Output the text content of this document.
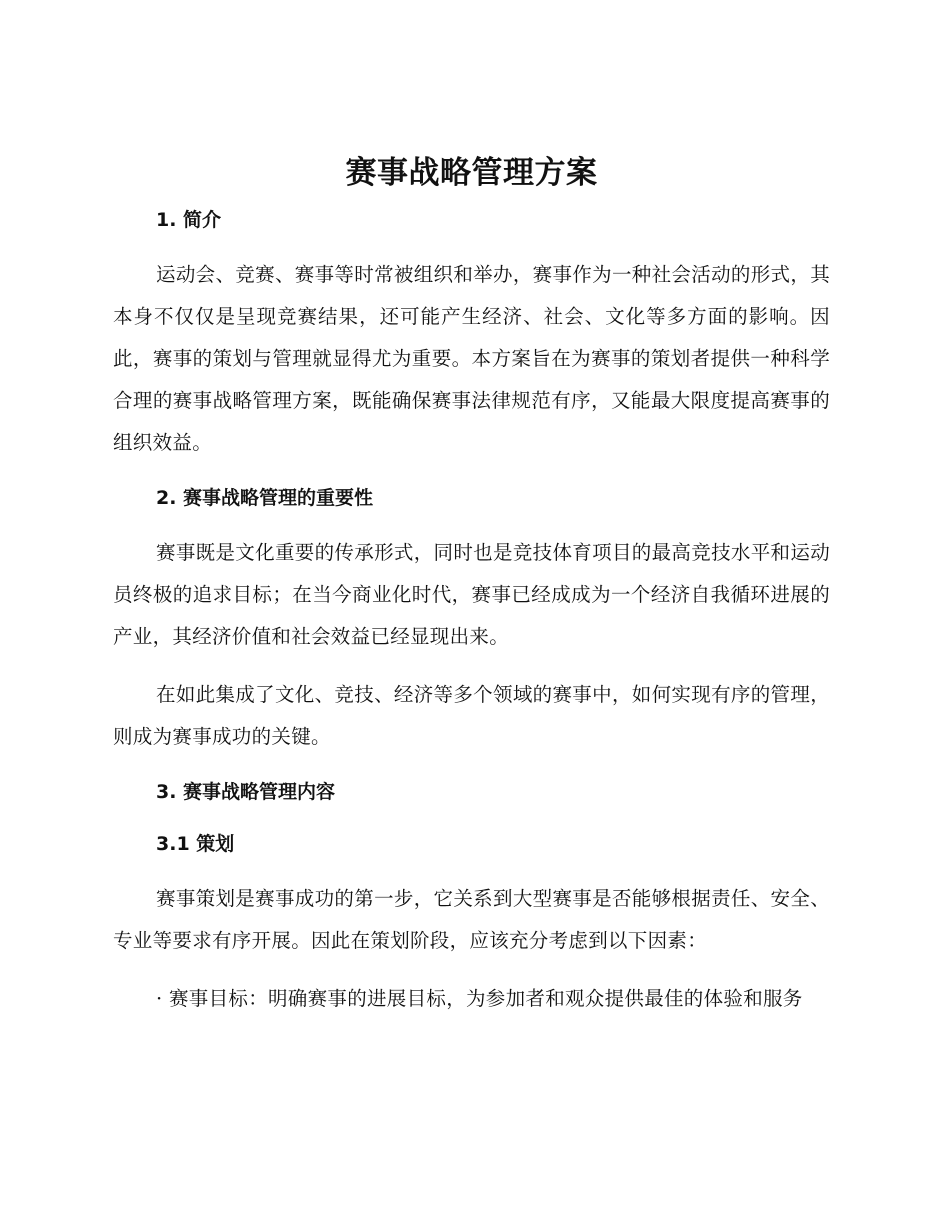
赛事战略管理方案
1. 简介

运动会、竞赛、赛事等时常被组织和举办，赛事作为一种社会活动的形式，其本身不仅仅是呈现竞赛结果，还可能产生经济、社会、文化等多方面的影响。因此，赛事的策划与管理就显得尤为重要。本方案旨在为赛事的策划者提供一种科学合理的赛事战略管理方案，既能确保赛事法律规范有序，又能最大限度提高赛事的组织效益。

2. 赛事战略管理的重要性

赛事既是文化重要的传承形式，同时也是竞技体育项目的最高竞技水平和运动员终极的追求目标；在当今商业化时代，赛事已经成成为一个经济自我循环进展的产业，其经济价值和社会效益已经显现出来。

在如此集成了文化、竞技、经济等多个领域的赛事中，如何实现有序的管理，则成为赛事成功的关键。

3. 赛事战略管理内容
3.1 策划

赛事策划是赛事成功的第一步，它关系到大型赛事是否能够根据责任、安全、专业等要求有序开展。因此在策划阶段，应该充分考虑到以下因素：

· 赛事目标：明确赛事的进展目标，为参加者和观众提供最佳的体验和服务
